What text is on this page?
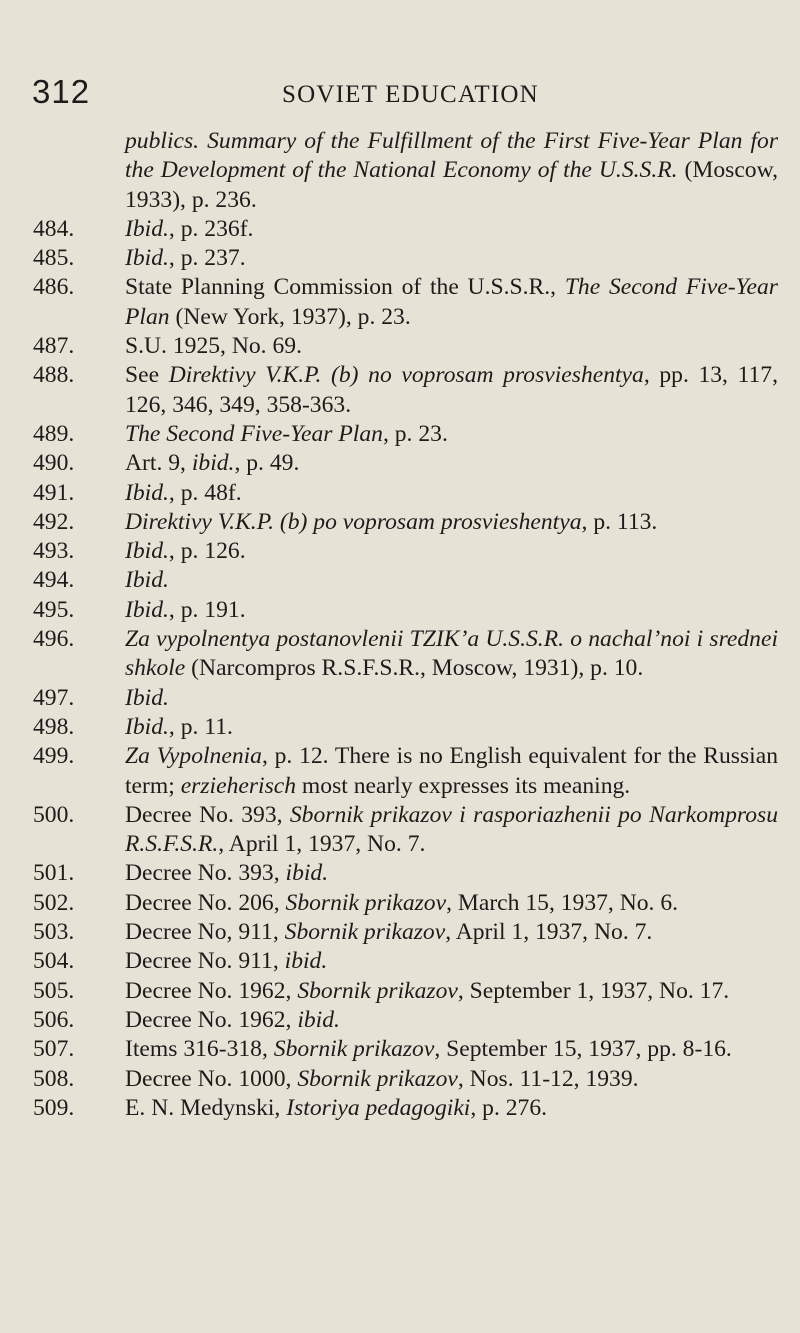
312	SOVIET EDUCATION
publics. Summary of the Fulfillment of the First Five-Year Plan for the Development of the National Economy of the U.S.S.R. (Moscow, 1933), p. 236.
484.	Ibid., p. 236f.
485.	Ibid., p. 237.
486.	State Planning Commission of the U.S.S.R., The Second Five-Year Plan (New York, 1937), p. 23.
487.	S.U. 1925, No. 69.
488.	See Direktivy V.K.P. (b) no voprosam prosvieshentya, pp. 13, 117, 126, 346, 349, 358-363.
489.	The Second Five-Year Plan, p. 23.
490.	Art. 9, ibid., p. 49.
491.	Ibid., p. 48f.
492.	Direktivy V.K.P. (b) po voprosam prosvieshentya, p. 113.
493.	Ibid., p. 126.
494.	Ibid.
495.	Ibid., p. 191.
496.	Za vypolnentya postanovlenii TZIK’a U.S.S.R. o nachal’noi i srednei shkole (Narcompros R.S.F.S.R., Moscow, 1931), p. 10.
497.	Ibid.
498.	Ibid., p. 11.
499.	Za Vypolnenia, p. 12. There is no English equivalent for the Russian term; erzieherisch most nearly expresses its meaning.
500.	Decree No. 393, Sbornik prikazov i rasporiazhenii po Narkomprosu R.S.F.S.R., April 1, 1937, No. 7.
501.	Decree No. 393, ibid.
502.	Decree No. 206, Sbornik prikazov, March 15, 1937, No. 6.
503.	Decree No, 911, Sbornik prikazov, April 1, 1937, No. 7.
504.	Decree No. 911, ibid.
505.	Decree No. 1962, Sbornik prikazov, September 1, 1937, No. 17.
506.	Decree No. 1962, ibid.
507.	Items 316-318, Sbornik prikazov, September 15, 1937, pp. 8-16.
508.	Decree No. 1000, Sbornik prikazov, Nos. 11-12, 1939.
509.	E. N. Medynski, Istoriya pedagogiki, p. 276.
